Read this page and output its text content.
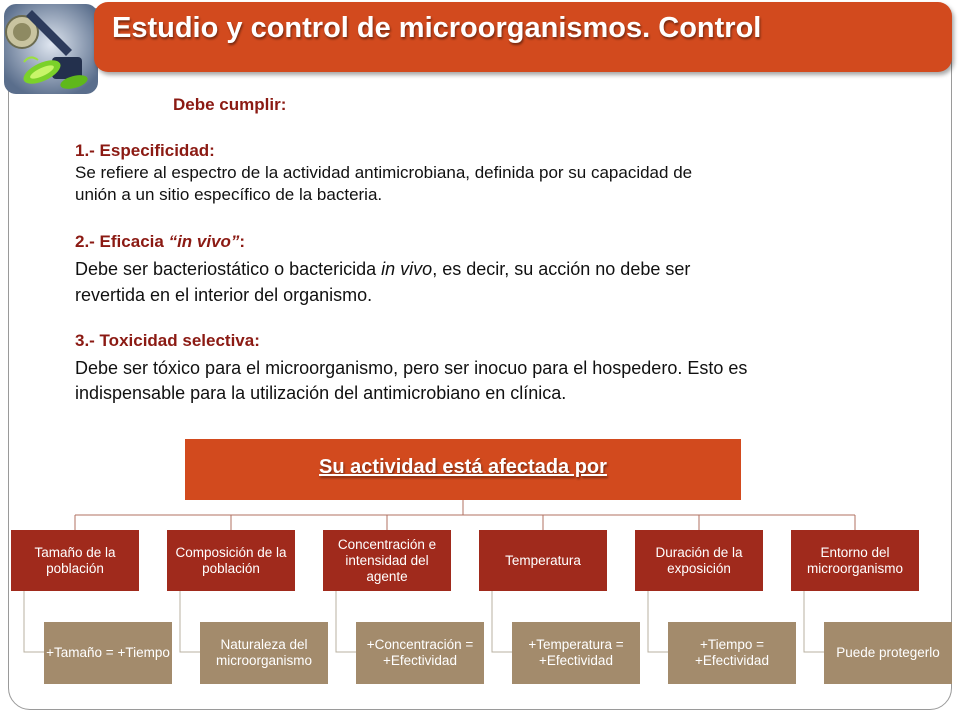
Estudio y control de microorganismos. Control
Debe cumplir:
1.- Especificidad:
Se refiere al espectro de la actividad antimicrobiana, definida por su capacidad de
unión a un sitio específico de la bacteria.
2.- Eficacia “in vivo”:
Debe ser bacteriostático o bactericida in vivo, es decir, su acción no debe ser
revertida en el interior del organismo.
3.- Toxicidad selectiva:
Debe ser tóxico para el microorganismo, pero ser inocuo para el hospedero. Esto es
indispensable para la utilización del antimicrobiano en clínica.
Su actividad está afectada por
Tamaño de la población
Composición de la población
Concentración e intensidad del agente
Temperatura
Duración de la exposición
Entorno del microorganismo
+Tamaño = +Tiempo
Naturaleza del microorganismo
+Concentración = +Efectividad
+Temperatura = +Efectividad
+Tiempo = +Efectividad
Puede protegerlo
